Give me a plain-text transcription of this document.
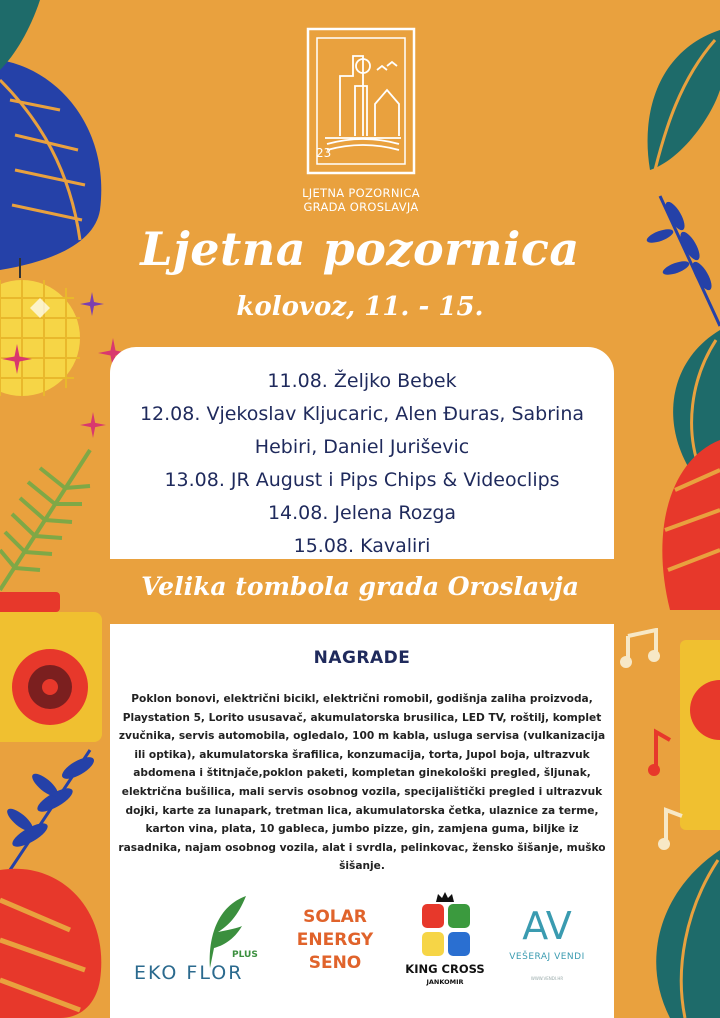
LJETNA POZORNICA
GRADA OROSLAVJA
23
Ljetna pozornica
kolovoz, 11. - 15.
11.08. Željko Bebek
12.08. Vjekoslav Kljucaric, Alen Đuras, Sabrina Hebiri, Daniel Juriševic
13.08. JR August i Pips Chips & Videoclips
14.08. Jelena Rozga
15.08. Kavaliri
Velika tombola grada Oroslavja
NAGRADE
Poklon bonovi, električni bicikl, električni romobil, godišnja zaliha proizvoda, Playstation 5, Lorito ususavač, akumulatorska brusilica, LED TV, roštilj, komplet zvučnika, servis automobila, ogledalo, 100 m kabla, usluga servisa (vulkanizacija ili optika), akumulatorska šrafilica, konzumacija, torta, Jupol boja, ultrazvuk abdomena i štitnjače,poklon paketi, kompletan ginekološki pregled, šljunak, električna bušilica, mali servis osobnog vozila, specijalištički pregled i ultrazvuk dojki, karte za lunapark, tretman lica, akumulatorska četka, ulaznice za terme, karton vina, plata, 10 gableca, jumbo pizze, gin, zamjena guma, biljke iz rasadnika, najam osobnog vozila, alat i svrdla, pelinkovac, žensko šišanje, muško šišanje.
EKO FLOR
PLUS
SOLAR
ENERGY
SENO	KING CROSS
JANKOMIR
AV
VEŠERAJ VENDI
WWW.VENDI.HR
